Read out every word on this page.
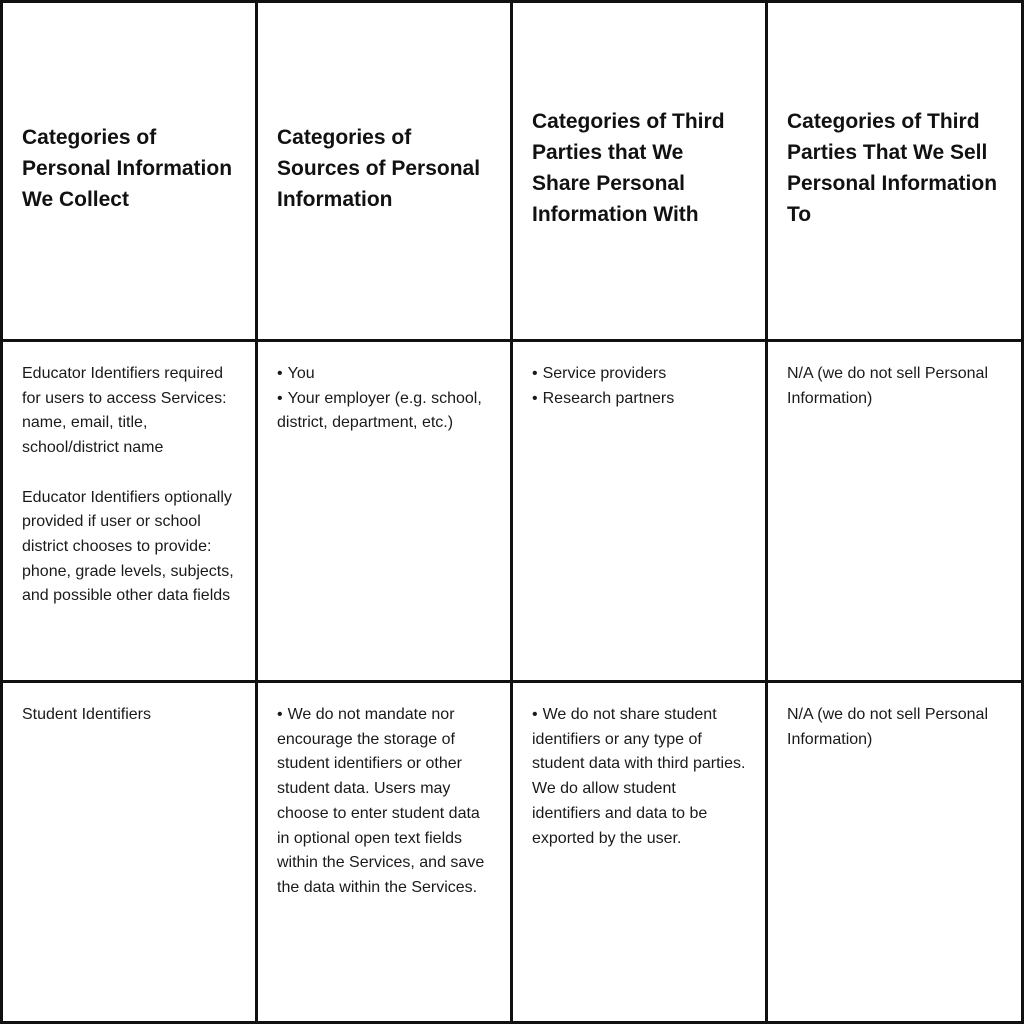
Categories of Personal Information We Collect

Categories of Sources of Personal Information

Categories of Third Parties that We Share Personal Information With

Categories of Third Parties That We Sell Personal Information To

Educator Identifiers required for users to access Services: name, email, title, school/district name

Educator Identifiers optionally provided if user or school district chooses to provide: phone, grade levels, subjects, and possible other data fields

• You
• Your employer (e.g. school, district, department, etc.)
• Service providers
• Research partners

N/A (we do not sell Personal Information)

Student Identifiers	• We do not mandate nor encourage the storage of student identifiers or other student data. Users may choose to enter student data in optional open text fields within the Services, and save the data within the Services.
• We do not share student identifiers or any type of student data with third parties. We do allow student identifiers and data to be exported by the user.

N/A (we do not sell Personal Information)
